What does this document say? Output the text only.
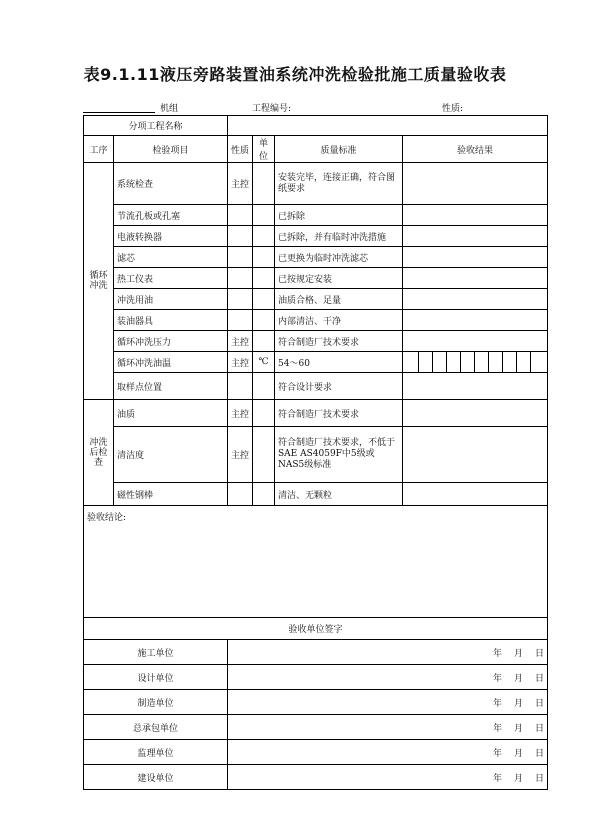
表9.1.11液压旁路装置油系统冲洗检验批施工质量验收表
机组	工程编号:	性质:
分项工程名称					
工序	检验项目	性质	单位	质量标准	验收结果
循环冲洗	系统检查	主控		安装完毕，连接正确，符合图纸要求	
	节流孔板或孔塞			已拆除	
	电液转换器			已拆除，并有临时冲洗措施	
	滤芯			已更换为临时冲洗滤芯	
	热工仪表			已按规定安装	
	冲洗用油			油质合格、足量	
	装油器具			内部清洁、干净	
	循环冲洗压力	主控		符合制造厂技术要求	
	循环冲洗油温	主控	℃	54～60	

	取样点位置			符合设计要求	
冲洗后检查	油质	主控		符合制造厂技术要求	
	清洁度	主控		符合制造厂技术要求，不低于SAE AS4059F中5级或NAS5级标准	
	磁性钢棒			清洁、无颗粒	
验收结论:					
验收单位签字					
施工单位		年 月 日			

设计单位		年 月 日			

制造单位		年 月 日			

总承包单位		年 月 日			

监理单位		年 月 日			

建设单位		年 月 日			
